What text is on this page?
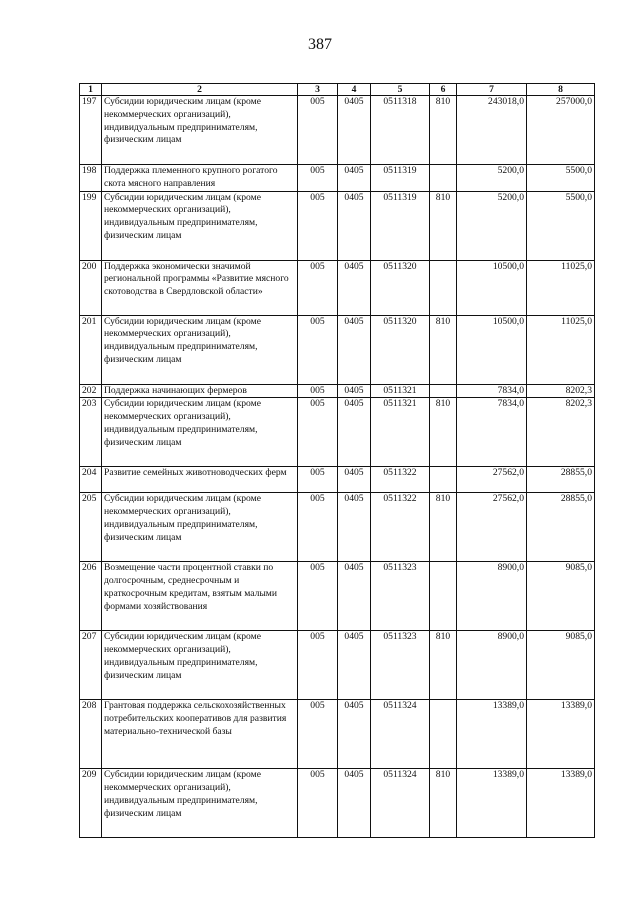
387
1	2	3	4	5	6	7	8
197	Субсидии юридическим лицам (кроме некоммерческих организаций), индивидуальным предпринимателям, физическим лицам	005	0405	0511318	810	243018,0	257000,0
198	Поддержка племенного крупного рогатого скота мясного направления	005	0405	0511319		5200,0	5500,0
199	Субсидии юридическим лицам (кроме некоммерческих организаций), индивидуальным предпринимателям, физическим лицам	005	0405	0511319	810	5200,0	5500,0
200	Поддержка экономически значимой региональной программы «Развитие мясного скотоводства в Свердловской области»	005	0405	0511320		10500,0	11025,0
201	Субсидии юридическим лицам (кроме некоммерческих организаций), индивидуальным предпринимателям, физическим лицам	005	0405	0511320	810	10500,0	11025,0
202	Поддержка начинающих фермеров	005	0405	0511321		7834,0	8202,3
203	Субсидии юридическим лицам (кроме некоммерческих организаций), индивидуальным предпринимателям, физическим лицам	005	0405	0511321	810	7834,0	8202,3
204	Развитие семейных животноводческих ферм	005	0405	0511322		27562,0	28855,0
205	Субсидии юридическим лицам (кроме некоммерческих организаций), индивидуальным предпринимателям, физическим лицам	005	0405	0511322	810	27562,0	28855,0
206	Возмещение части процентной ставки по долгосрочным, среднесрочным и краткосрочным кредитам, взятым малыми формами хозяйствования	005	0405	0511323		8900,0	9085,0
207	Субсидии юридическим лицам (кроме некоммерческих организаций), индивидуальным предпринимателям, физическим лицам	005	0405	0511323	810	8900,0	9085,0
208	Грантовая поддержка сельскохозяйственных потребительских кооперативов для развития материально-технической базы	005	0405	0511324		13389,0	13389,0
209	Субсидии юридическим лицам (кроме некоммерческих организаций), индивидуальным предпринимателям, физическим лицам	005	0405	0511324	810	13389,0	13389,0
